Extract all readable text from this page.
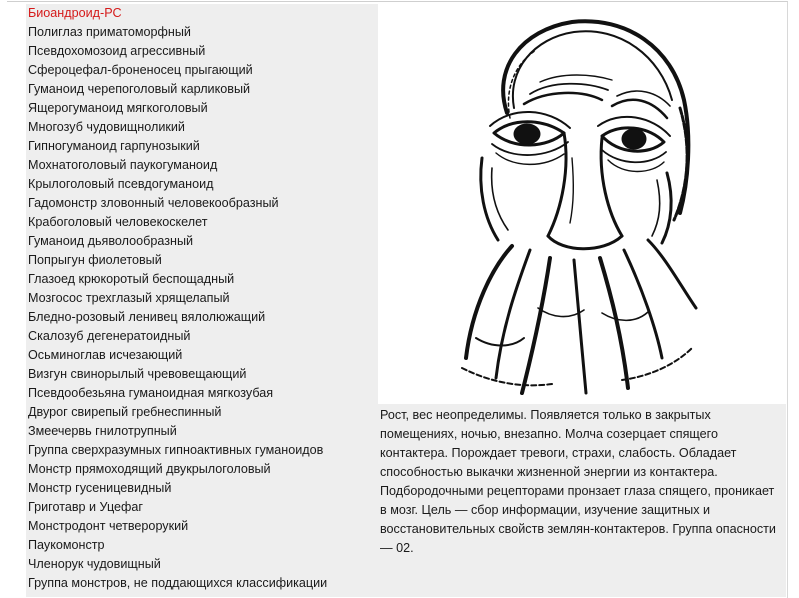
Биоандроид-РС
Полиглаз приматоморфный
Псевдохомозоид агрессивный
Сфероцефал-броненосец прыгающий
Гуманоид черепоголовый карликовый
Ящерогуманоид мягкоголовый
Многозуб чудовищноликий
Гипногуманоид гарпунозыкий
Мохнатоголовый паукогуманоид
Крылоголовый псевдогуманоид
Гадомонстр зловонный человекообразный
Крабоголовый человекоскелет
Гуманоид дьяволообразный
Попрыгун фиолетовый
Глазоед крюкоротый беспощадный
Мозгосос трехглазый хрящелапый
Бледно-розовый ленивец вялолюжащий
Скалозуб дегенератоидный
Осьминоглав исчезающий
Визгун свинорылый чревовещающий
Псевдообезьяна гуманоидная мягкозубая
Двурог свирепый гребнеспинный
Змеечервь гнилотрупный
Группа сверхразумных гипноактивных гуманоидов
Монстр прямоходящий двукрылоголовый
Монстр гусеницевидный
Григотавр и Уцефаг
Монстродонт четверорукий
Паукомонстр
Членорук чудовищный
Группа монстров, не поддающихся классификации

Рост, вес неопределимы. Появляется только в закрытых помещениях, ночью, внезапно. Молча созерцает спящего контактера. Порождает тревоги, страхи, слабость. Обладает способностью выкачки жизненной энергии из контактера. Подбородочными рецепторами пронзает глаза спящего, проникает в мозг. Цель — сбор информации, изучение защитных и восстановительных свойств землян-контактеров. Группа опасности — 02.
